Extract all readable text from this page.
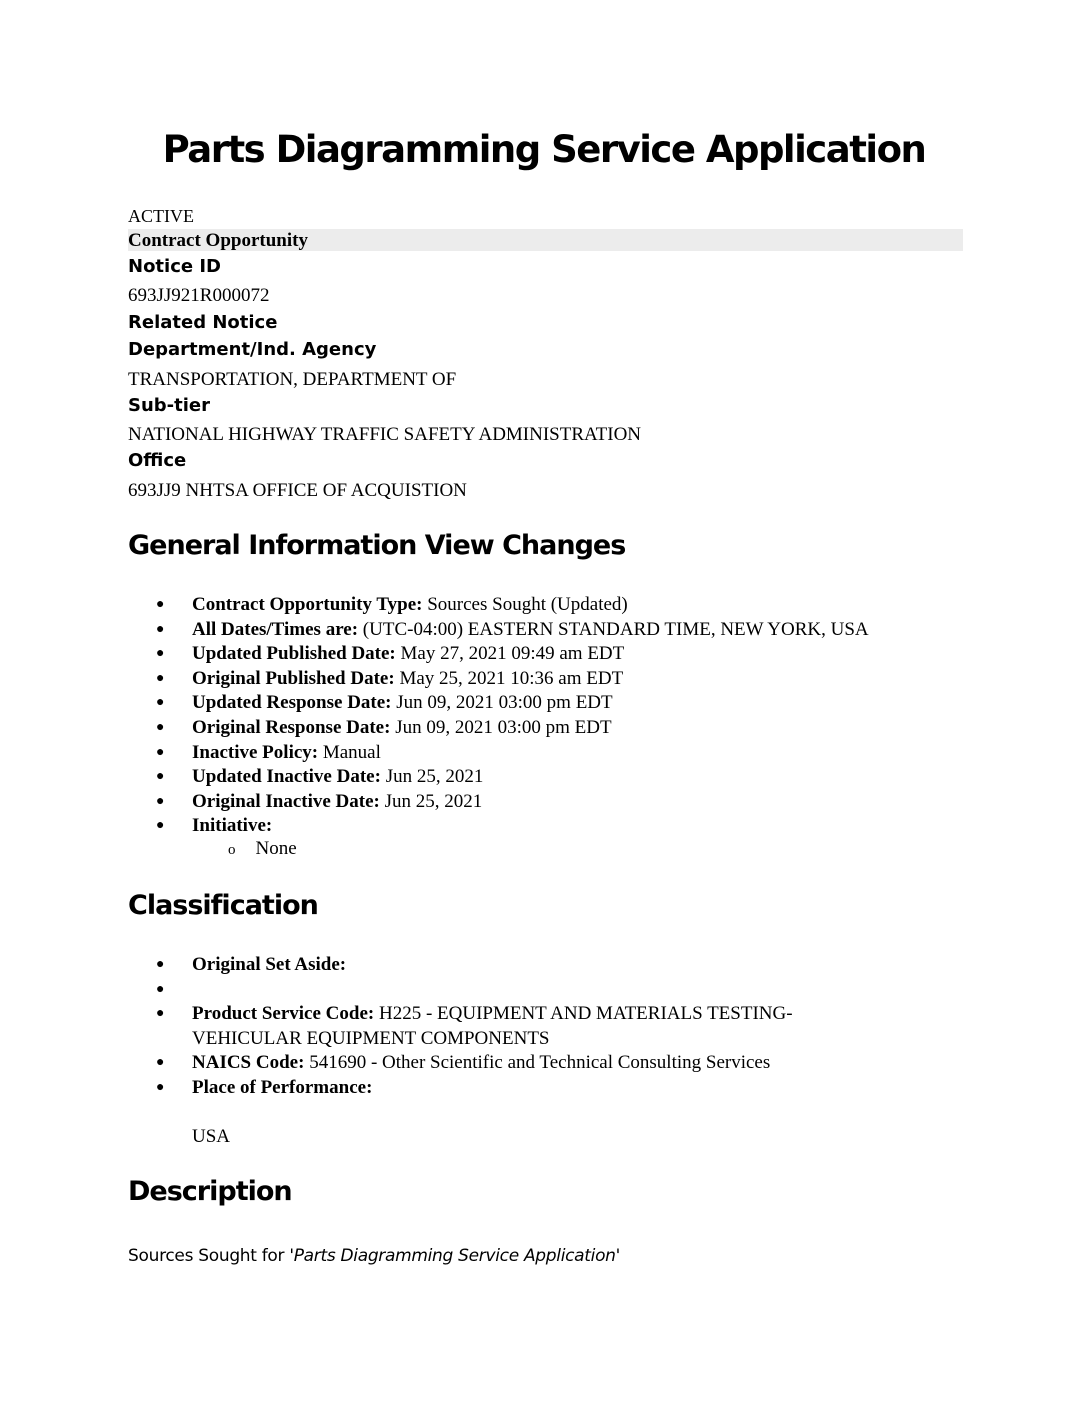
Parts Diagramming Service Application
ACTIVE
Contract Opportunity
Notice ID
693JJ921R000072
Related Notice
Department/Ind. Agency
TRANSPORTATION, DEPARTMENT OF
Sub-tier
NATIONAL HIGHWAY TRAFFIC SAFETY ADMINISTRATION
Office
693JJ9 NHTSA OFFICE OF ACQUISTION
General Information View Changes
● Contract Opportunity Type: Sources Sought (Updated)
● All Dates/Times are: (UTC-04:00) EASTERN STANDARD TIME, NEW YORK, USA
● Updated Published Date: May 27, 2021 09:49 am EDT
● Original Published Date: May 25, 2021 10:36 am EDT
● Updated Response Date: Jun 09, 2021 03:00 pm EDT
● Original Response Date: Jun 09, 2021 03:00 pm EDT
● Inactive Policy: Manual
● Updated Inactive Date: Jun 25, 2021
● Original Inactive Date: Jun 25, 2021
● Initiative:
o None
Classification
● Original Set Aside:
●
● Product Service Code: H225 - EQUIPMENT AND MATERIALS TESTING-
VEHICULAR EQUIPMENT COMPONENTS
● NAICS Code: 541690 - Other Scientific and Technical Consulting Services
● Place of Performance:
USA
Description
Sources Sought for 'Parts Diagramming Service Application'
